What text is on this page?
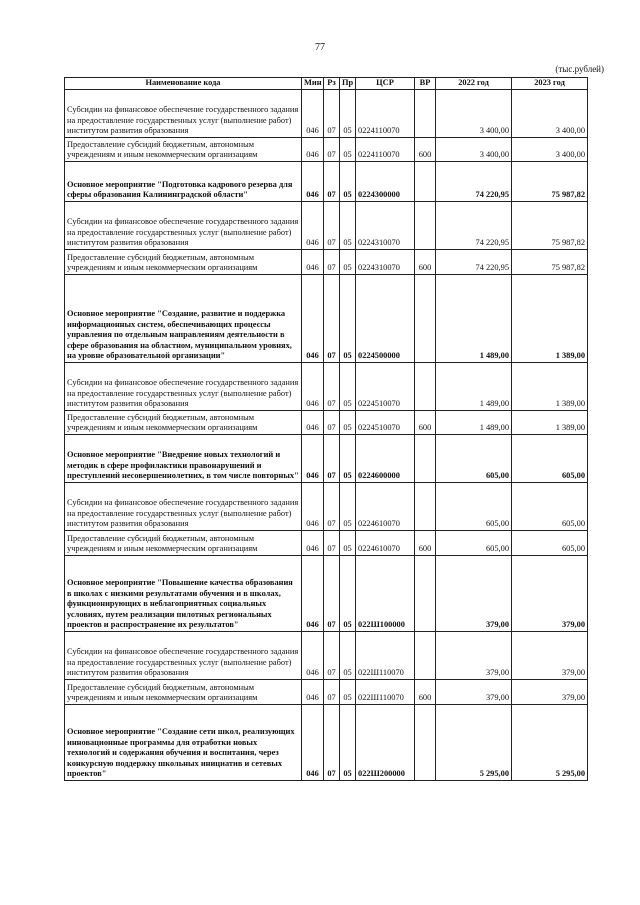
77
(тыс.рублей)
Наименование кода	Мин	Рз	Пр	ЦСР	ВР	2022 год	2023 год
Субсидии на финансовое обеспечение государственного задания на предоставление государственных услуг (выполнение работ) институтом развития образования	046	07	05	0224110070		3 400,00	3 400,00
Предоставление субсидий бюджетным, автономным учреждениям и иным некоммерческим организациям	046	07	05	0224110070	600	3 400,00	3 400,00
Основное мероприятие "Подготовка кадрового резерва для сферы образования Калининградской области"	046	07	05	0224300000		74 220,95	75 987,82
Субсидии на финансовое обеспечение государственного задания на предоставление государственных услуг (выполнение работ) институтом развития образования	046	07	05	0224310070		74 220,95	75 987,82
Предоставление субсидий бюджетным, автономным учреждениям и иным некоммерческим организациям	046	07	05	0224310070	600	74 220,95	75 987,82
Основное мероприятие "Создание, развитие и поддержка информационных систем, обеспечивающих процессы управления по отдельным направлениям деятельности в сфере образования на областном, муниципальном уровнях, на уровне образовательной организации"	046	07	05	0224500000		1 489,00	1 389,00
Субсидии на финансовое обеспечение государственного задания на предоставление государственных услуг (выполнение работ) институтом развития образования	046	07	05	0224510070		1 489,00	1 389,00
Предоставление субсидий бюджетным, автономным учреждениям и иным некоммерческим организациям	046	07	05	0224510070	600	1 489,00	1 389,00
Основное мероприятие "Внедрение новых технологий и методик в сфере профилактики правонарушений и преступлений несовершеннолетних, в том числе повторных"	046	07	05	0224600000		605,00	605,00
Субсидии на финансовое обеспечение государственного задания на предоставление государственных услуг (выполнение работ) институтом развития образования	046	07	05	0224610070		605,00	605,00
Предоставление субсидий бюджетным, автономным учреждениям и иным некоммерческим организациям	046	07	05	0224610070	600	605,00	605,00
Основное мероприятие "Повышение качества образования в школах с низкими результатами обучения и в школах, функционирующих в неблагоприятных социальных условиях, путем реализации пилотных региональных проектов и распространение их результатов"	046	07	05	022Ш100000		379,00	379,00
Субсидии на финансовое обеспечение государственного задания на предоставление государственных услуг (выполнение работ) институтом развития образования	046	07	05	022Ш110070		379,00	379,00
Предоставление субсидий бюджетным, автономным учреждениям и иным некоммерческим организациям	046	07	05	022Ш110070	600	379,00	379,00
Основное мероприятие "Создание сети школ, реализующих инновационные программы для отработки новых технологий и содержания обучения и воспитания, через конкурсную поддержку школьных инициатив и сетевых проектов"	046	07	05	022Ш200000		5 295,00	5 295,00
